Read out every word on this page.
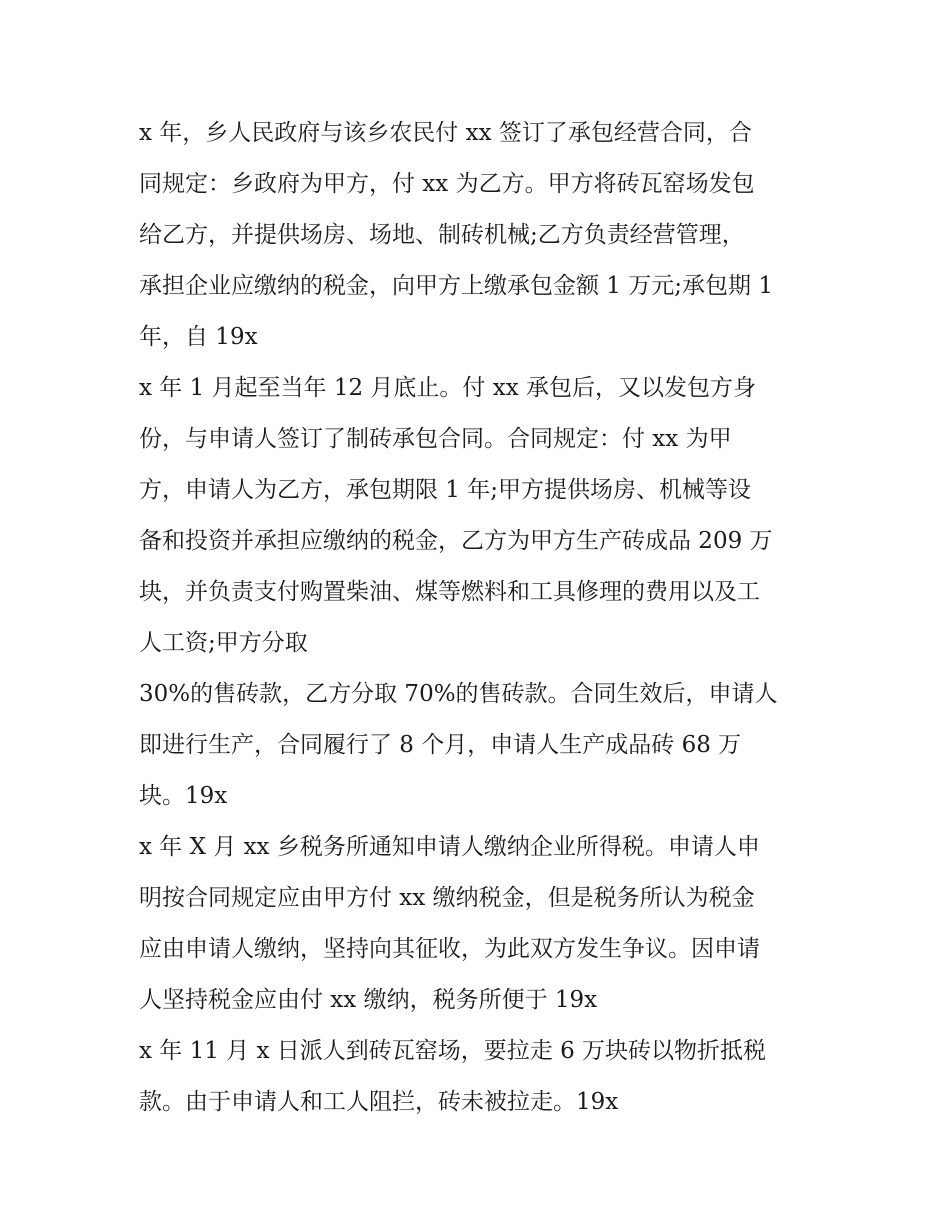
x 年，乡人民政府与该乡农民付 xx 签订了承包经营合同，合
同规定：乡政府为甲方，付 xx 为乙方。甲方将砖瓦窑场发包
给乙方，并提供场房、场地、制砖机械;乙方负责经营管理，
承担企业应缴纳的税金，向甲方上缴承包金额 1 万元;承包期 1
年，自 19x
x 年 1 月起至当年 12 月底止。付 xx 承包后，又以发包方身
份，与申请人签订了制砖承包合同。合同规定：付 xx 为甲
方，申请人为乙方，承包期限 1 年;甲方提供场房、机械等设
备和投资并承担应缴纳的税金，乙方为甲方生产砖成品 209 万
块，并负责支付购置柴油、煤等燃料和工具修理的费用以及工
人工资;甲方分取
30%的售砖款，乙方分取 70%的售砖款。合同生效后，申请人
即进行生产，合同履行了 8 个月，申请人生产成品砖 68 万
块。19x
x 年 X 月 xx 乡税务所通知申请人缴纳企业所得税。申请人申
明按合同规定应由甲方付 xx 缴纳税金，但是税务所认为税金
应由申请人缴纳，坚持向其征收，为此双方发生争议。因申请
人坚持税金应由付 xx 缴纳，税务所便于 19x
x 年 11 月 x 日派人到砖瓦窑场，要拉走 6 万块砖以物折抵税
款。由于申请人和工人阻拦，砖未被拉走。19x
